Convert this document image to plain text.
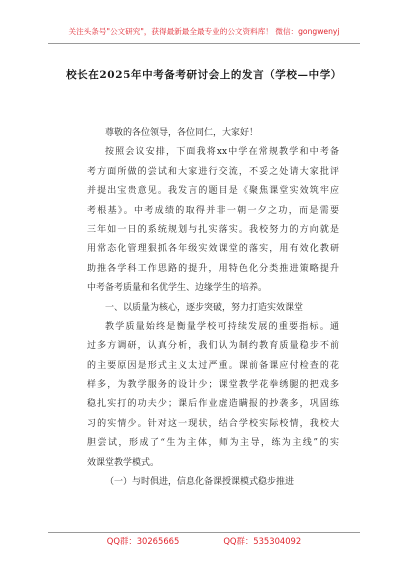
关注头条号"公文研究"，获得最新最全最专业的公文资料库！ 微信：gongwenyj
校长在2025年中考备考研讨会上的发言（学校—中学）
尊敬的各位领导，各位同仁，大家好！
按照会议安排，下面我将xx中学在常规教学和中考备
考方面所做的尝试和大家进行交流，不妥之处请大家批评
并提出宝贵意见。我发言的题目是《聚焦课堂实效筑牢应
考根基》。中考成绩的取得并非一朝一夕之功，而是需要
三年如一日的系统规划与扎实落实。我校努力的方向就是
用常态化管理狠抓各年级实效课堂的落实，用有效化教研
助推各学科工作思路的提升，用特色化分类推进策略提升
中考备考质量和名优学生、边缘学生的培养。
一、以质量为核心，逐步突破，努力打造实效课堂
教学质量始终是衡量学校可持续发展的重要指标。通
过多方调研，认真分析，我们认为制约教育质量稳步不前
的主要原因是形式主义太过严重。课前备课应付检查的花
样多，为教学服务的设计少；课堂教学花拳绣腿的把戏多
稳扎实打的功夫少；课后作业虚造瞒报的抄袭多，巩固练
习的实情少。针对这一现状，结合学校实际校情，我校大
胆尝试，形成了“生为主体，师为主导，练为主线”的实
效课堂教学模式。
（一）与时俱进，信息化备课授课模式稳步推进
QQ群：30265665	QQ群：535304092
